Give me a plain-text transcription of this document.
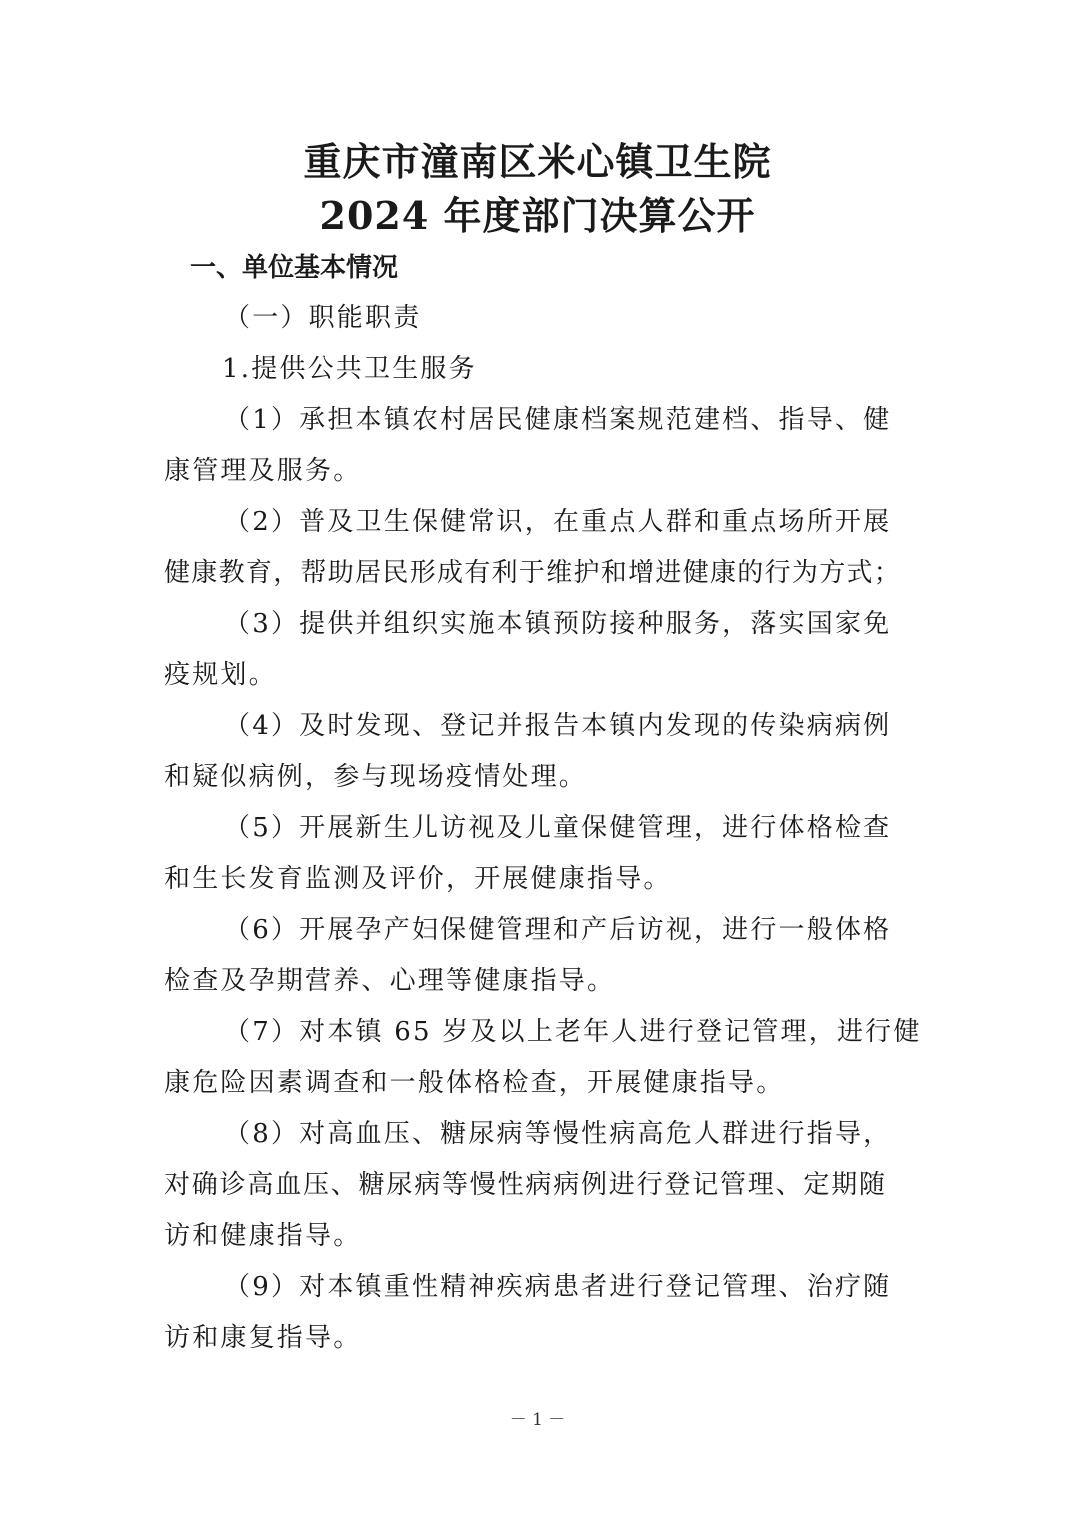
重庆市潼南区米心镇卫生院
2024 年度部门决算公开
一、单位基本情况
（一）职能职责
1.提供公共卫生服务
（1）承担本镇农村居民健康档案规范建档、指导、健
康管理及服务。
（2）普及卫生保健常识，在重点人群和重点场所开展
健康教育，帮助居民形成有利于维护和增进健康的行为方式；
（3）提供并组织实施本镇预防接种服务，落实国家免
疫规划。
（4）及时发现、登记并报告本镇内发现的传染病病例
和疑似病例，参与现场疫情处理。
（5）开展新生儿访视及儿童保健管理，进行体格检查
和生长发育监测及评价，开展健康指导。
（6）开展孕产妇保健管理和产后访视，进行一般体格
检查及孕期营养、心理等健康指导。
（7）对本镇 65 岁及以上老年人进行登记管理，进行健
康危险因素调查和一般体格检查，开展健康指导。
（8）对高血压、糖尿病等慢性病高危人群进行指导，
对确诊高血压、糖尿病等慢性病病例进行登记管理、定期随
访和健康指导。
（9）对本镇重性精神疾病患者进行登记管理、治疗随
访和康复指导。
－ 1 －
